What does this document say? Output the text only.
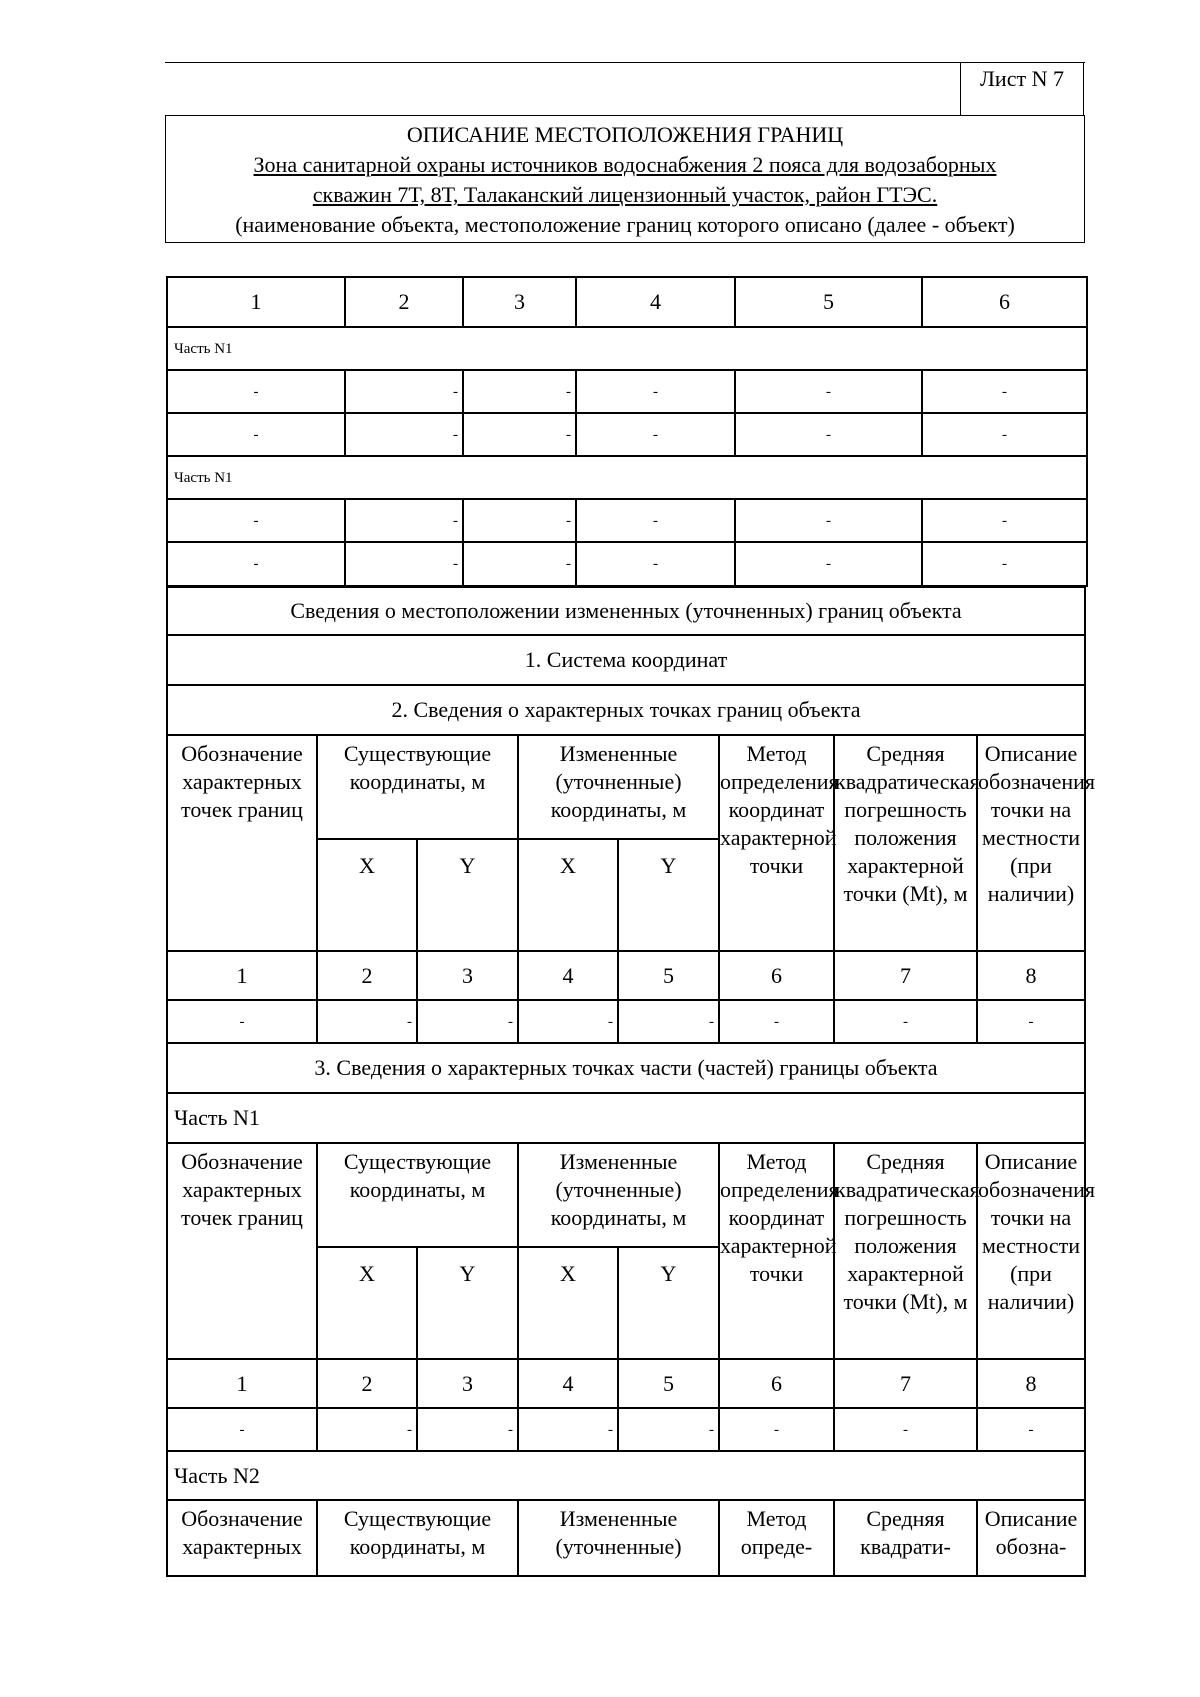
Лист N 7
ОПИСАНИЕ МЕСТОПОЛОЖЕНИЯ ГРАНИЦ
Зона санитарной охраны источников водоснабжения 2 пояса для водозаборных
скважин 7Т, 8Т, Талаканский лицензионный участок, район ГТЭС.
(наименование объекта, местоположение границ которого описано (далее - объект)
1	2	3	4	5	6
Часть N1					
-	-	-	-	-	-
-	-	-	-	-	-
Часть N1					
-	-	-	-	-	-
-	-	-	-	-	-
Сведения о местоположении измененных (уточненных) границ объекта							
1. Система координат							
2. Сведения о характерных точках границ объекта							
Обозначение характерных точек границ	Существующие координаты, м		Измененные (уточненные) координаты, м		Метод определения координат характерной точки	Средняя квадратическая погрешность положения характерной точки (Mt), м	Описание обозначения точки на местности (при наличии)
	X	Y	X	Y			
1	2	3	4	5	6	7	8
-	-	-	-	-	-	-	-
3. Сведения о характерных точках части (частей) границы объекта							
Часть N1							
Обозначение характерных точек границ	Существующие координаты, м		Измененные (уточненные) координаты, м		Метод определения координат характерной точки	Средняя квадратическая погрешность положения характерной точки (Mt), м	Описание обозначения точки на местности (при наличии)
	X	Y	X	Y			
1	2	3	4	5	6	7	8
-	-	-	-	-	-	-	-
Часть N2							
Обозначение характерных	Существующие координаты, м		Измененные (уточненные)		Метод опреде-	Средняя квадрати-	Описание обозна-
